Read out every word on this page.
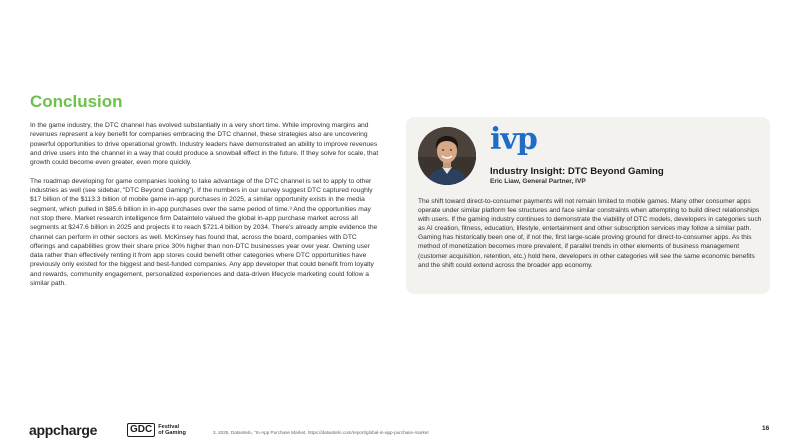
Conclusion

In the game industry, the DTC channel has evolved substantially in a very short time. While improving margins and revenues represent a key benefit for companies embracing the DTC channel, these strategies also are uncovering powerful opportunities to drive operational growth. Industry leaders have demonstrated an ability to improve revenues and drive users into the channel in a way that could produce a snowball effect in the future. If they solve for scale, that growth could become even greater, even more quickly.

The roadmap developing for game companies looking to take advantage of the DTC channel is set to apply to other industries as well (see sidebar, "DTC Beyond Gaming"). If the numbers in our survey suggest DTC captured roughly $17 billion of the $113.3 billion of mobile game in-app purchases in 2025, a similar opportunity exists in the media segment, which pulled in $85.6 billion in in-app purchases over the same period of time.³ And the opportunities may not stop there. Market research intelligence firm Dataintelo valued the global in-app purchase market across all segments at $247.6 billion in 2025 and projects it to reach $721.4 billion by 2034. There's already ample evidence the channel can perform in other sectors as well. McKinsey has found that, across the board, companies with DTC offerings and capabilities grow their share price 30% higher than non-DTC businesses year over year. Owning user data rather than effectively renting it from app stores could benefit other categories where DTC opportunities have previously only existed for the biggest and best-funded companies. Any app developer that could benefit from loyalty and rewards, community engagement, personalized experiences and data-driven lifecycle marketing could follow a similar path.

ivp
Industry Insight: DTC Beyond Gaming
Eric Liaw, General Partner, IVP
The shift toward direct-to-consumer payments will not remain limited to mobile games. Many other consumer apps operate under similar platform fee structures and face similar constraints when attempting to build direct relationships with users. If the gaming industry continues to demonstrate the viability of DTC models, developers in categories such as AI creation, fitness, education, lifestyle, entertainment and other subscription services may follow a similar path. Gaming has historically been one of, if not the, first large-scale proving ground for direct-to-consumer apps. As this method of monetization becomes more prevalent, if parallel trends in other elements of business management (customer acquisition, retention, etc.) hold here, developers in other categories will see the same economic benefits and the shift could extend across the broader app economy.
appcharge	GDC	Festival
of Gaming	3. 2025, Dataintelo, "In-App Purchase Market, https://dataintelo.com/report/global-in-app-purchase-market
16
